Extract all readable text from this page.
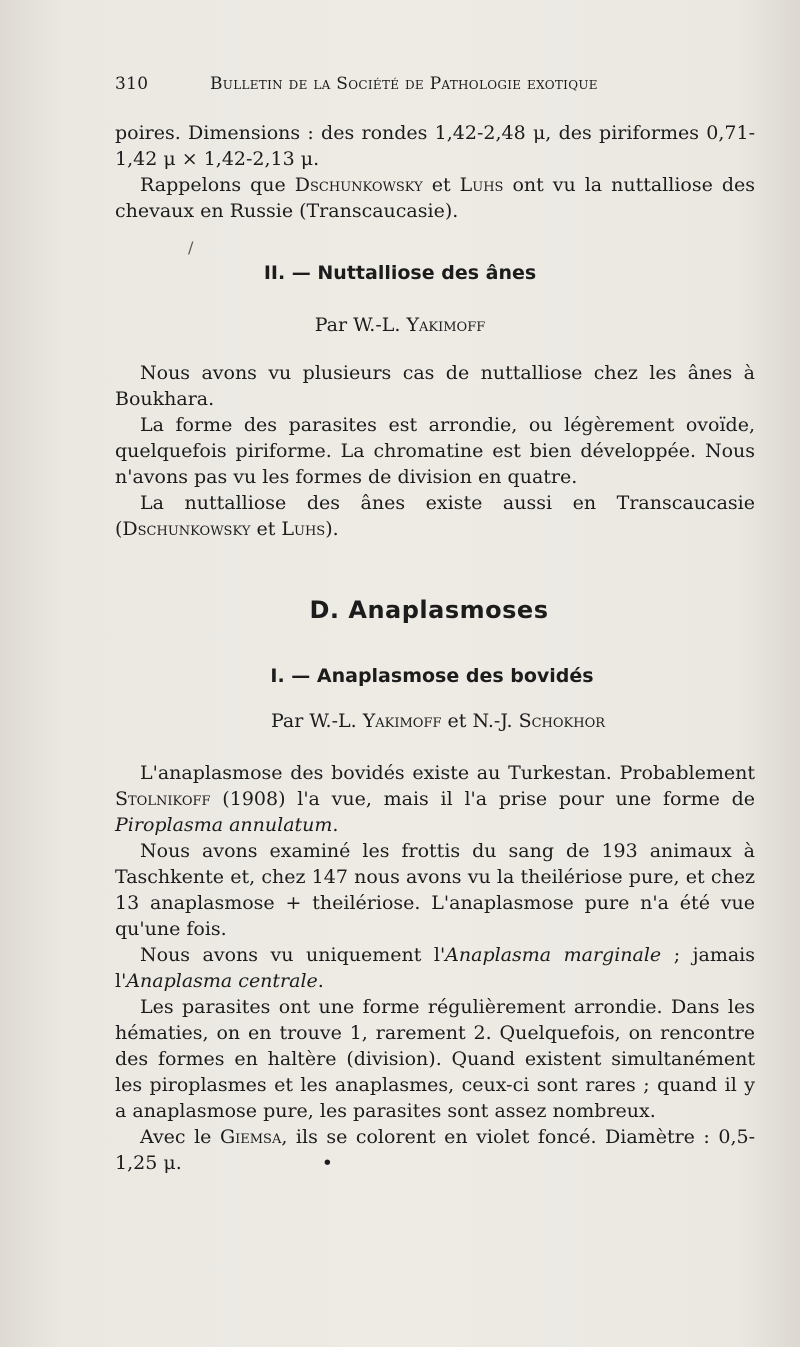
310	Bulletin de la Société de Pathologie exotique

poires. Dimensions : des rondes 1,42-2,48 μ, des piriformes 0,71-1,42 μ × 1,42-2,13 μ.

Rappelons que Dschunkowsky et Luhs ont vu la nuttalliose des chevaux en Russie (Transcaucasie).

/
II. — Nuttalliose des ânes
Par W.-L. Yakimoff

Nous avons vu plusieurs cas de nuttalliose chez les ânes à Boukhara.

La forme des parasites est arrondie, ou légèrement ovoïde, quelquefois piriforme. La chromatine est bien développée. Nous n'avons pas vu les formes de division en quatre.

La nuttalliose des ânes existe aussi en Transcaucasie (Dschunkowsky et Luhs).

D. Anaplasmoses
I. — Anaplasmose des bovidés
Par W.-L. Yakimoff et N.-J. Schokhor

L'anaplasmose des bovidés existe au Turkestan. Probablement Stolnikoff (1908) l'a vue, mais il l'a prise pour une forme de Piroplasma annulatum.

Nous avons examiné les frottis du sang de 193 animaux à Taschkente et, chez 147 nous avons vu la theilériose pure, et chez 13 anaplasmose + theilériose. L'anaplasmose pure n'a été vue qu'une fois.

Nous avons vu uniquement l'Anaplasma marginale ; jamais l'Anaplasma centrale.

Les parasites ont une forme régulièrement arrondie. Dans les hématies, on en trouve 1, rarement 2. Quelquefois, on rencontre des formes en haltère (division). Quand existent simultanément les piroplasmes et les anaplasmes, ceux-ci sont rares ; quand il y a anaplasmose pure, les parasites sont assez nombreux.

Avec le Giemsa, ils se colorent en violet foncé. Diamètre : 0,5-1,25 μ.	•
